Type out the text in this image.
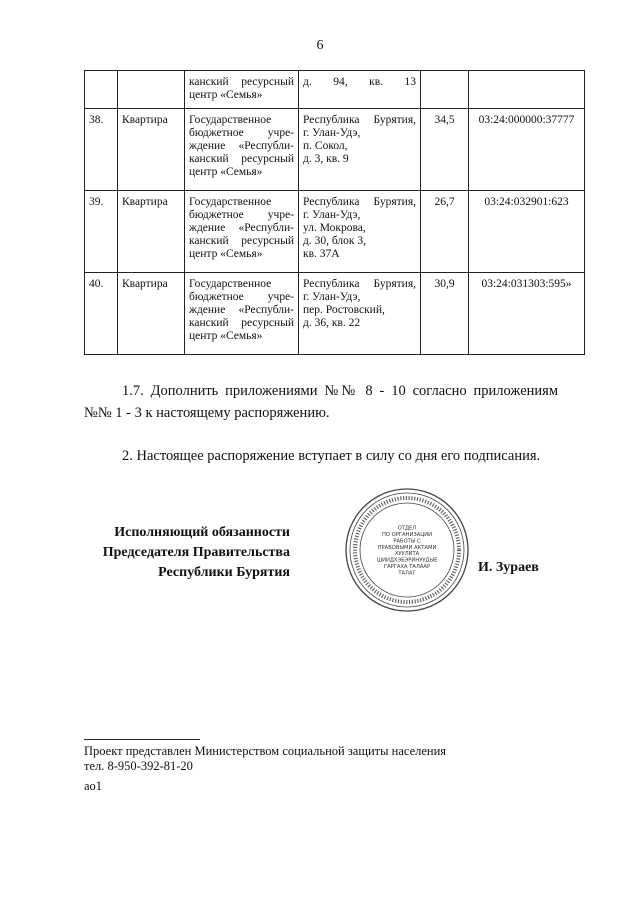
6

		канский ресурсный
центр «Семья»	д. 94, кв. 13		

38.	Квартира	Государственное
бюджетное учре-
ждение «Республи-
канский ресурсный
центр «Семья»	Республика Бурятия,
г. Улан-Удэ,
п. Сокол,
д. 3, кв. 9	34,5	03:24:000000:37777
39.	Квартира	Государственное
бюджетное учре-
ждение «Республи-
канский ресурсный
центр «Семья»	Республика Бурятия,
г. Улан-Удэ,
ул. Мокрова,
д. 30, блок 3,
кв. 37А	26,7	03:24:032901:623
40.	Квартира	Государственное
бюджетное учре-
ждение «Республи-
канский ресурсный
центр «Семья»	Республика Бурятия,
г. Улан-Удэ,
пер. Ростовский,
д. 36, кв. 22	30,9	03:24:031303:595»
1.7. Дополнить приложениями №№ 8 - 10 согласно приложениям
№№ 1 - 3 к настоящему распоряжению.
2. Настоящее распоряжение вступает в силу со дня его подписания.
Исполняющий обязанности
Председателя Правительства
Республики Бурятия
ОТДЕЛ
ПО ОРГАНИЗАЦИИ
РАБОТЫ С
ПРАВОВЫМИ АКТАМИ
ХУУЛИТА
ШИИДХЭБЭРИНУУДЫЕ
ГАРГАХА ТАЛААР
ТАЛАГ	И. Зураев
Проект представлен Министерством социальной защиты населения
тел. 8-950-392-81-20
ао1
